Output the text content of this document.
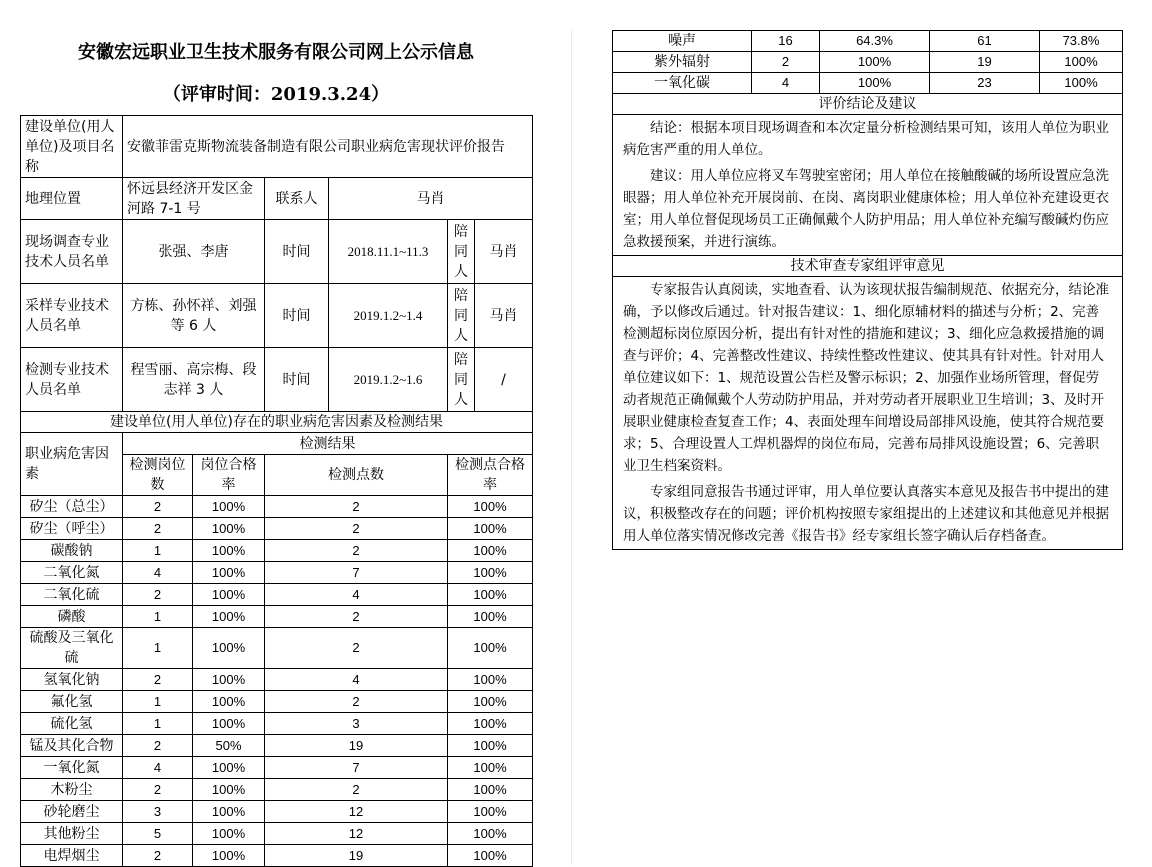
安徽宏远职业卫生技术服务有限公司网上公示信息
（评审时间：2019.3.24）
建设单位(用人单位)及项目名称	安徽菲雷克斯物流装备制造有限公司职业病危害现状评价报告					
地理位置	怀远县经济开发区金河路 7-1 号		联系人	马肖		
现场调查专业技术人员名单	张强、李唐		时间	2018.11.1~11.3	陪同人	马肖
采样专业技术人员名单	方栋、孙怀祥、刘强等 6 人		时间	2019.1.2~1.4	陪同人	马肖
检测专业技术人员名单	程雪丽、高宗梅、段志祥 3 人		时间	2019.1.2~1.6	陪同人	/
建设单位(用人单位)存在的职业病危害因素及检测结果						
职业病危害因素	检测结果					
	检测岗位数	岗位合格率	检测点数		检测点合格率	
矽尘（总尘）	2	100%	2		100%	
矽尘（呼尘）	2	100%	2		100%	
碳酸钠	1	100%	2		100%	
二氧化氮	4	100%	7		100%	
二氧化硫	2	100%	4		100%	
磷酸	1	100%	2		100%	
硫酸及三氧化硫	1	100%	2		100%	
氢氧化钠	2	100%	4		100%	
氟化氢	1	100%	2		100%	
硫化氢	1	100%	3		100%	
锰及其化合物	2	50%	19		100%	
一氧化氮	4	100%	7		100%	
木粉尘	2	100%	2		100%	
砂轮磨尘	3	100%	12		100%	
其他粉尘	5	100%	12		100%	
电焊烟尘	2	100%	19		100%	
噪声	16	64.3%	61	73.8%
紫外辐射	2	100%	19	100%
一氧化碳	4	100%	23	100%
评价结论及建议				

结论：根据本项目现场调查和本次定量分析检测结果可知，该用人单位为职业病危害严重的用人单位。
建议：用人单位应将叉车驾驶室密闭；用人单位在接触酸碱的场所设置应急洗眼器；用人单位补充开展岗前、在岗、离岗职业健康体检；用人单位补充建设更衣室；用人单位督促现场员工正确佩戴个人防护用品；用人单位补充编写酸碱灼伤应急救援预案，并进行演练。				

技术审查专家组评审意见				

专家报告认真阅读，实地查看、认为该现状报告编制规范、依据充分，结论准确，予以修改后通过。针对报告建议：1、细化原辅材料的描述与分析；2、完善检测超标岗位原因分析，提出有针对性的措施和建议；3、细化应急救援措施的调查与评价；4、完善整改性建议、持续性整改性建议、使其具有针对性。针对用人单位建议如下：1、规范设置公告栏及警示标识；2、加强作业场所管理，督促劳动者规范正确佩戴个人劳动防护用品，并对劳动者开展职业卫生培训；3、及时开展职业健康检查复查工作；4、表面处理车间增设局部排风设施，使其符合规范要求；5、合理设置人工焊机器焊的岗位布局，完善布局排风设施设置；6、完善职业卫生档案资料。
专家组同意报告书通过评审，用人单位要认真落实本意见及报告书中提出的建议，积极整改存在的问题；评价机构按照专家组提出的上述建议和其他意见并根据用人单位落实情况修改完善《报告书》经专家组长签字确认后存档备查。				
